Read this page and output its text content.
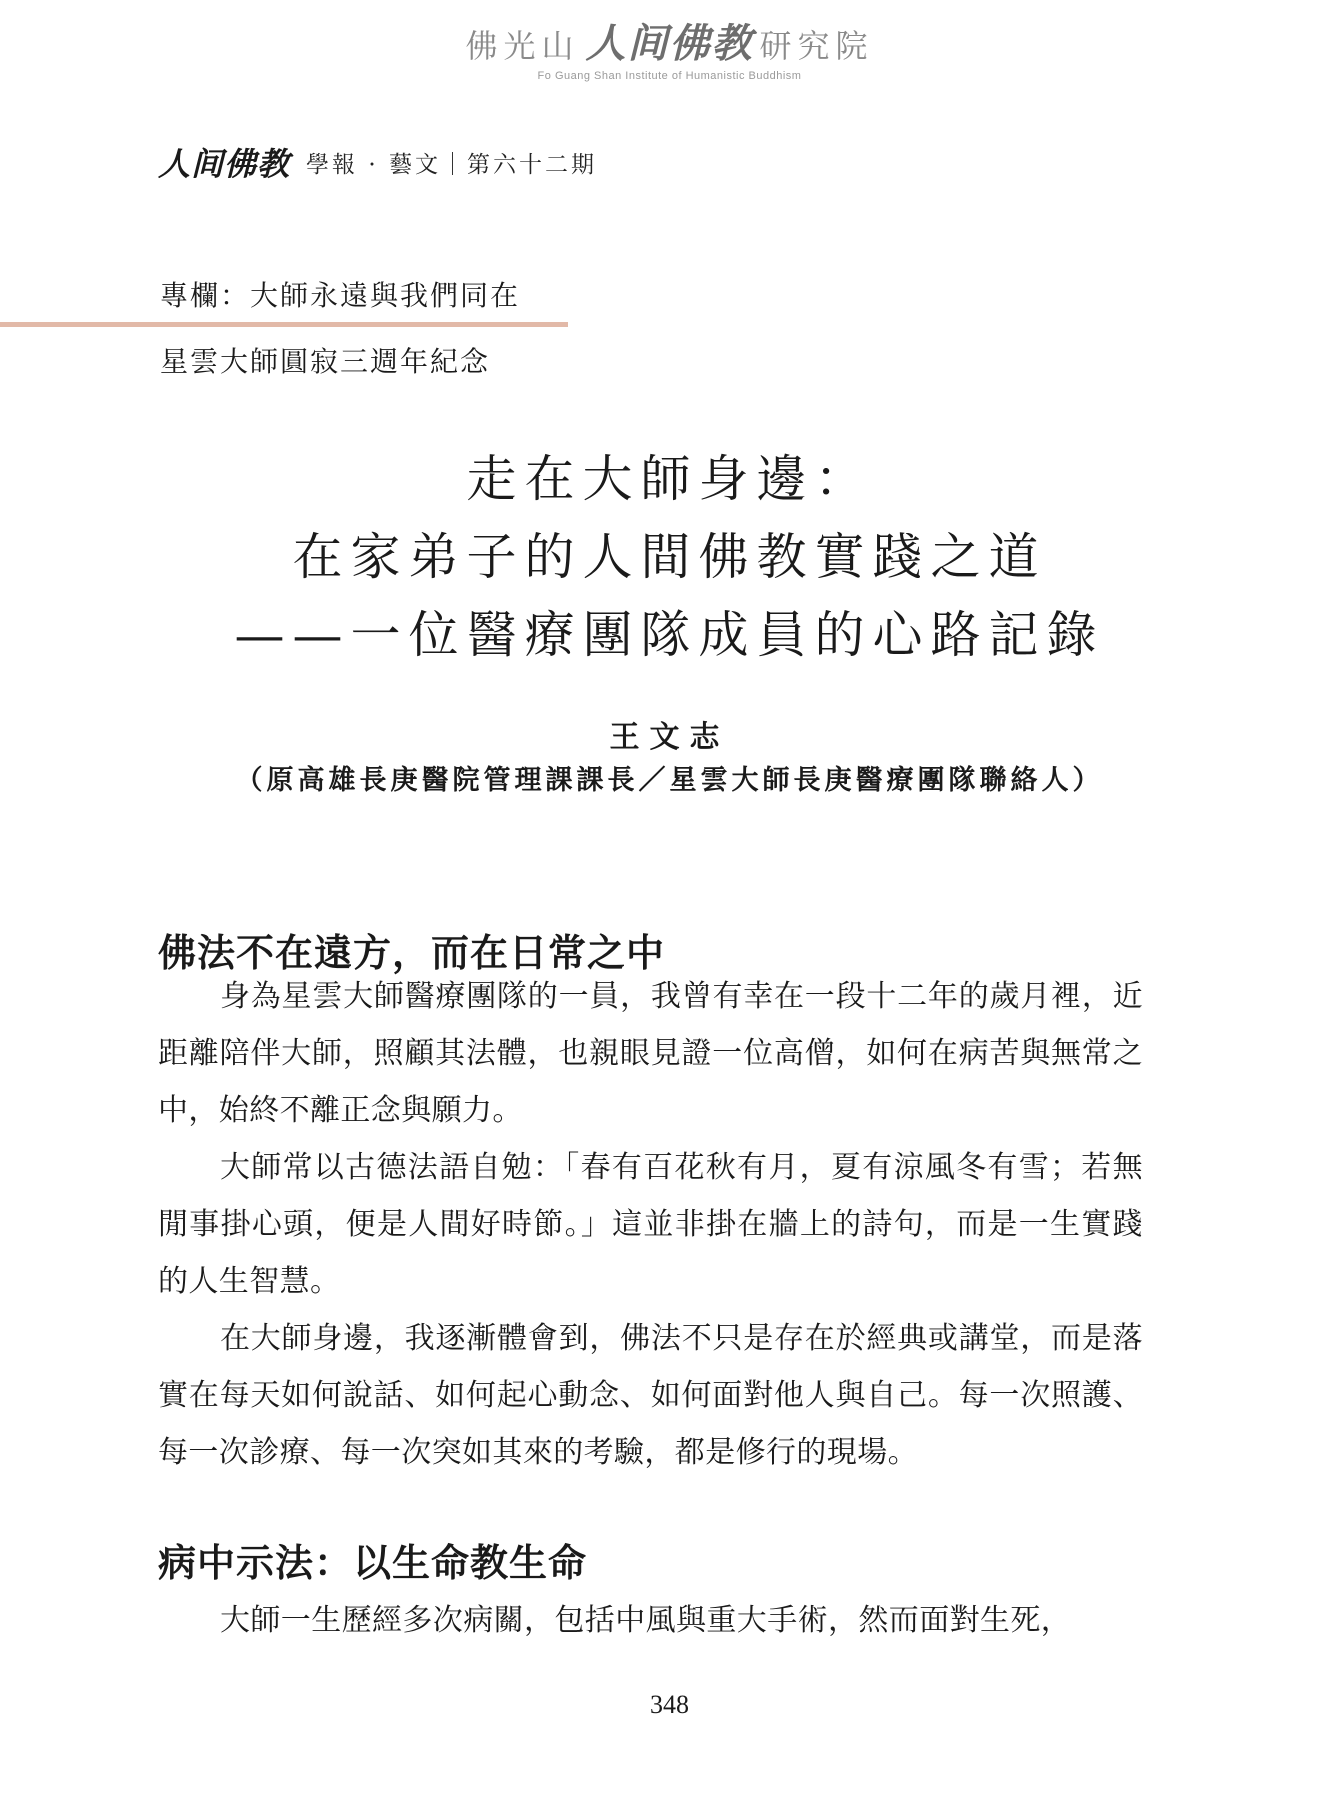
佛光山 人间佛教 研究院
Fo Guang Shan Institute of Humanistic Buddhism
人间佛教 學報 · 藝文｜第六十二期
專欄：大師永遠與我們同在
星雲大師圓寂三週年紀念
走在大師身邊：
在家弟子的人間佛教實踐之道
——一位醫療團隊成員的心路記錄
王文志
（原高雄長庚醫院管理課課長／星雲大師長庚醫療團隊聯絡人）
佛法不在遠方，而在日常之中

身為星雲大師醫療團隊的一員，我曾有幸在一段十二年的歲月裡，近距離陪伴大師，照顧其法體，也親眼見證一位高僧，如何在病苦與無常之中，始終不離正念與願力。

大師常以古德法語自勉：「春有百花秋有月，夏有涼風冬有雪；若無閒事掛心頭，便是人間好時節。」這並非掛在牆上的詩句，而是一生實踐的人生智慧。

在大師身邊，我逐漸體會到，佛法不只是存在於經典或講堂，而是落實在每天如何說話、如何起心動念、如何面對他人與自己。每一次照護、每一次診療、每一次突如其來的考驗，都是修行的現場。

病中示法：以生命教生命

大師一生歷經多次病關，包括中風與重大手術，然而面對生死，

348
